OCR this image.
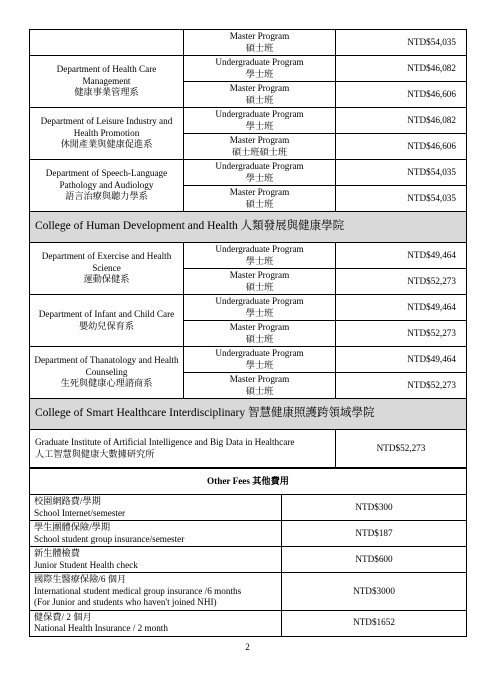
	Master Program
碩士班	NTD$54,035

Department of Health Care Management
健康事業管理系	Undergraduate Program
學士班	NTD$46,082

	Master Program
碩士班	NTD$46,606

Department of Leisure Industry and Health Promotion
休閒產業與健康促進系	Undergraduate Program
學士班	NTD$46,082

	Master Program
碩士班碩士班	NTD$46,606

Department of Speech-Language Pathology and Audiology
語言治療與聽力學系	Undergraduate Program
學士班	NTD$54,035

	Master Program
碩士班	NTD$54,035
College of Human Development and Health 人類發展與健康學院		

Department of Exercise and Health Science
運動保健系	Undergraduate Program
學士班	NTD$49,464

	Master Program
碩士班	NTD$52,273

Department of Infant and Child Care
嬰幼兒保育系	Undergraduate Program
學士班	NTD$49,464

	Master Program
碩士班	NTD$52,273

Department of Thanatology and Health Counseling
生死與健康心理諮商系	Undergraduate Program
學士班	NTD$49,464

	Master Program
碩士班	NTD$52,273
College of Smart Healthcare Interdisciplinary 智慧健康照護跨領域學院		

Graduate Institute of Artificial Intelligence and Big Data in Healthcare
人工智慧與健康大數據研究所		NTD$52,273
Other Fees 其他費用	

校園網路費/學期
School Internet/semester	NTD$300

學生團體保險/學期
School student group insurance/semester	NTD$187

新生體檢費
Junior Student Health check	NTD$600

國際生醫療保險/6 個月
International student medical group insurance /6 months
(For Junior and students who haven't joined NHI)	NTD$3000

健保費/ 2 個月
National Health Insurance / 2 month	NTD$1652
2
